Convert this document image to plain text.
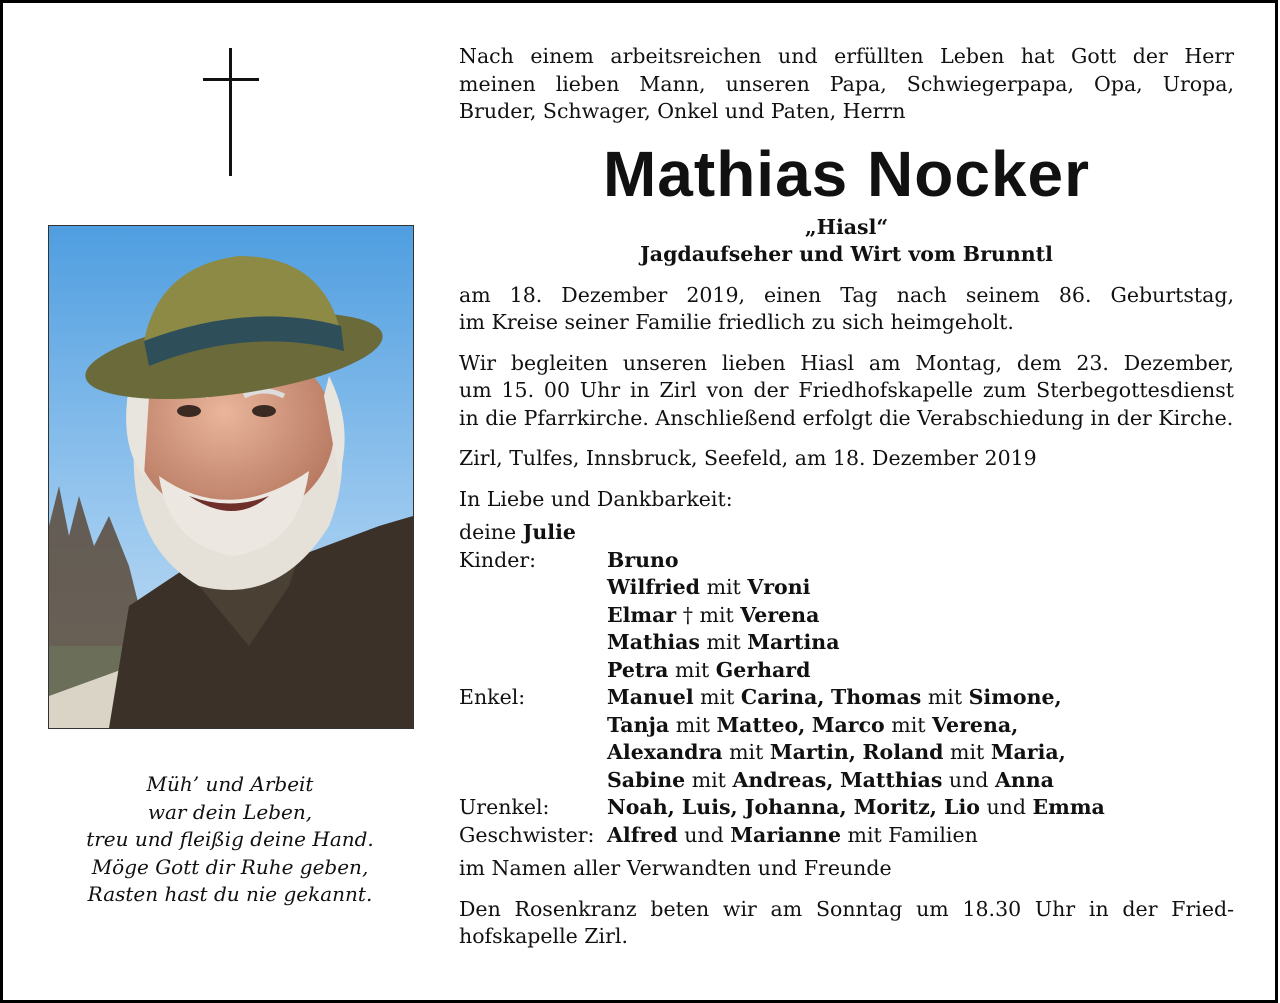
Müh’ und Arbeit
war dein Leben,
treu und fleißig deine Hand.
Möge Gott dir Ruhe geben,
Rasten hast du nie gekannt.

Nach einem arbeitsreichen und erfüllten Leben hat Gott der Herr

meinen lieben Mann, unseren Papa, Schwiegerpapa, Opa, Uropa,

Bruder, Schwager, Onkel und Paten, Herrn

Mathias Nocker

„Hiasl“

Jagdaufseher und Wirt vom Brunntl

am 18. Dezember 2019, einen Tag nach seinem 86. Geburtstag,

im Kreise seiner Familie friedlich zu sich heimgeholt.

Wir begleiten unseren lieben Hiasl am Montag, dem 23. Dezember,

um 15. 00 Uhr in Zirl von der Friedhofskapelle zum Sterbegottesdienst

in die Pfarrkirche. Anschließend erfolgt die Verabschiedung in der Kirche.

Zirl, Tulfes, Innsbruck, Seefeld, am 18. Dezember 2019

In Liebe und Dankbarkeit:

deine Julie

Kinder:	Bruno
Wilfried mit Vroni
Elmar † mit Verena
Mathias mit Martina
Petra mit Gerhard
Enkel:	Manuel mit Carina, Thomas mit Simone,
Tanja mit Matteo, Marco mit Verena,
Alexandra mit Martin, Roland mit Maria,
Sabine mit Andreas, Matthias und Anna
Urenkel:	Noah, Luis, Johanna, Moritz, Lio und Emma
Geschwister: Alfred und Marianne mit Familien

im Namen aller Verwandten und Freunde

Den Rosenkranz beten wir am Sonntag um 18.30 Uhr in der Fried-

hofskapelle Zirl.
